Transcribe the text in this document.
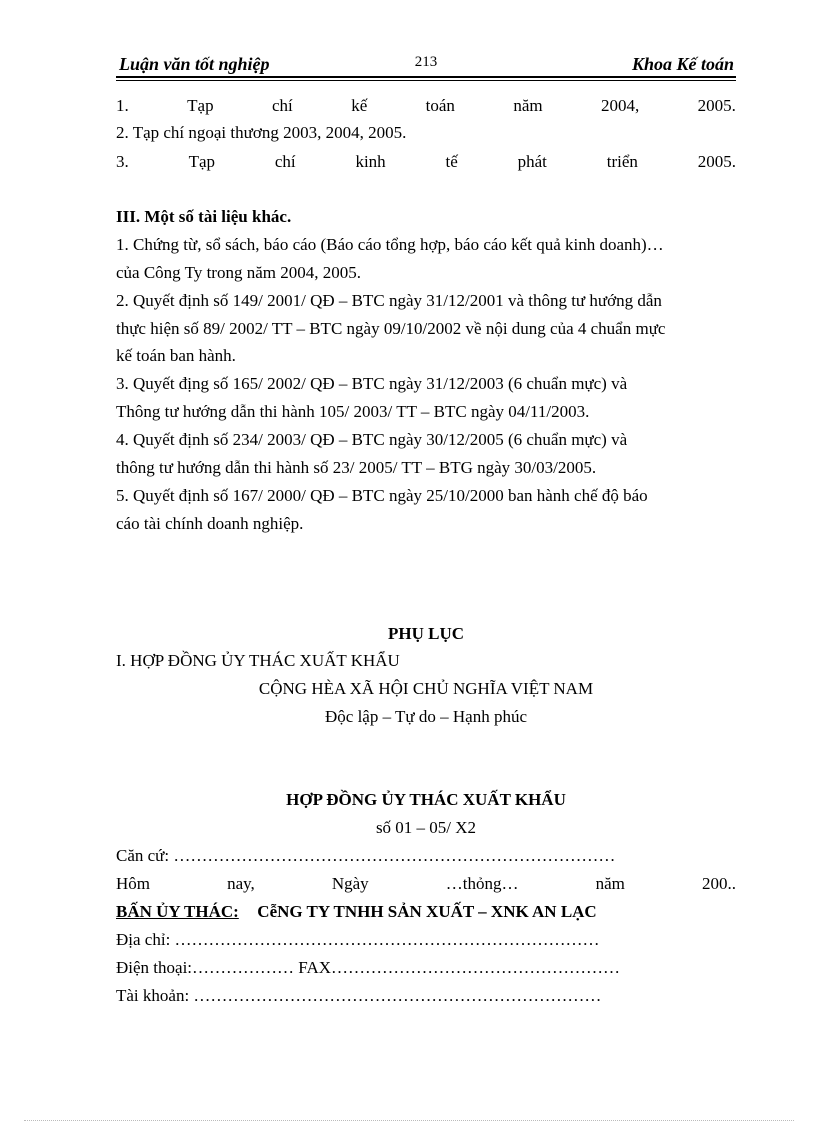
Luận văn tốt nghiệp	213	Khoa Kế toán
1.	Tạp	chí	kế	toán	năm	2004,	2005.
2. Tạp chí ngoại thương 2003, 2004, 2005.
3.	Tạp	chí	kinh	tế	phát	triển	2005.
III. Một số tài liệu khác.
1. Chứng từ, sổ sách, báo cáo (Báo cáo tổng hợp, báo cáo kết quả kinh doanh)…
của Công Ty trong năm 2004, 2005.
2. Quyết định số 149/ 2001/ QĐ – BTC ngày 31/12/2001 và thông tư hướng dẫn
thực hiện số 89/ 2002/ TT – BTC ngày 09/10/2002 về nội dung của 4 chuẩn mực
kế toán ban hành.
3. Quyết địng số 165/ 2002/ QĐ – BTC ngày 31/12/2003 (6 chuẩn mực) và
Thông tư hướng dẫn thi hành 105/ 2003/ TT – BTC ngày 04/11/2003.
4. Quyết định số 234/ 2003/ QĐ – BTC ngày 30/12/2005 (6 chuẩn mực) và
thông tư hướng dẫn thi hành số 23/ 2005/ TT – BTG ngày 30/03/2005.
5. Quyết định số 167/ 2000/ QĐ – BTC ngày 25/10/2000 ban hành chế độ báo
cáo tài chính doanh nghiệp.
PHỤ LỤC
I. HỢP ĐỒNG ỦY THÁC XUẤT KHẨU
CỘNG HÈA XÃ HỘI CHỦ NGHĨA VIỆT NAM
Độc lập – Tự do – Hạnh phúc
HỢP ĐỒNG ỦY THÁC XUẤT KHẨU
số 01 – 05/ X2
Căn cứ: ……………………………………………………………………
Hôm	nay,	Ngày	…thỏng…	năm	200..
BẤN ỦY THÁC: CễNG TY TNHH SẢN XUẤT – XNK AN LẠC
Địa chỉ: …………………………………………………………………
Điện thoại:……………… FAX……………………………………………
Tài khoản: ………………………………………………………………
